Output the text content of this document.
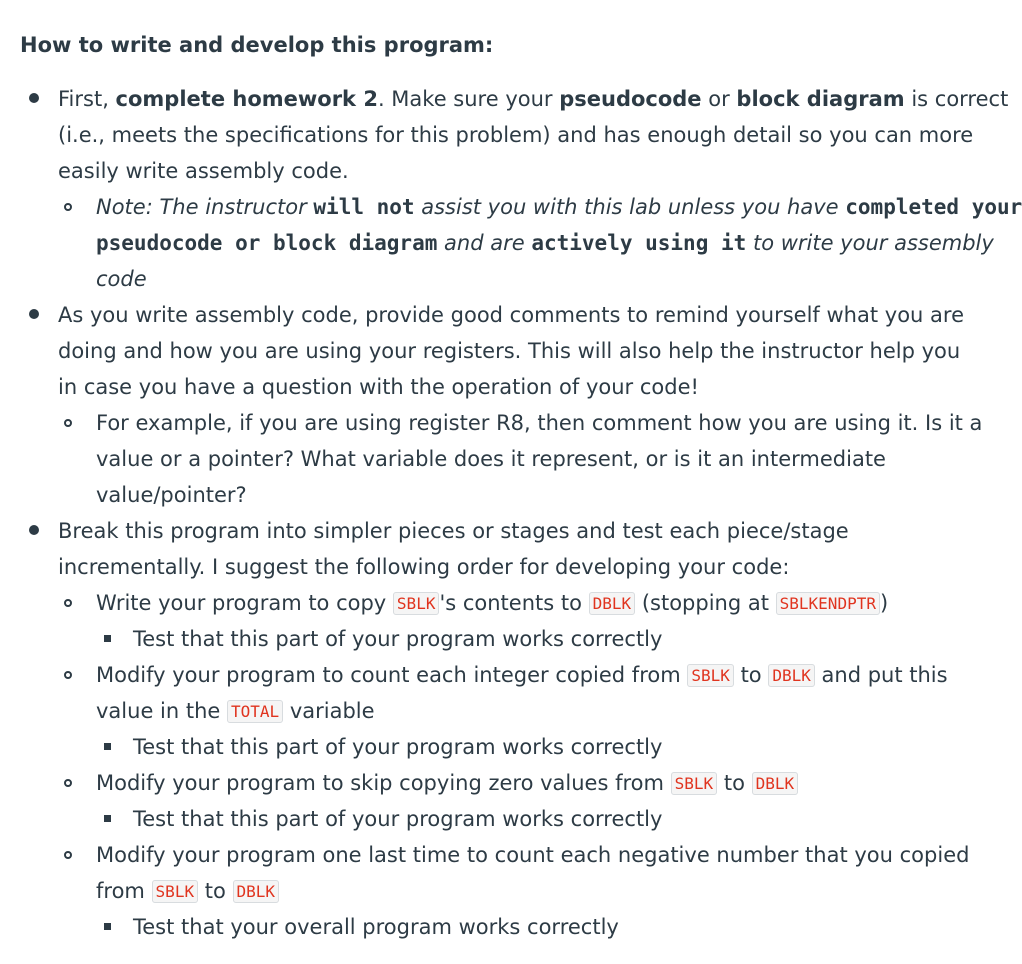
How to write and develop this program:
First, complete homework 2. Make sure your pseudocode or block diagram is correct
(i.e., meets the specifications for this problem) and has enough detail so you can more
easily write assembly code.
Note: The instructor will not assist you with this lab unless you have completed your
pseudocode or block diagram and are actively using it to write your assembly
code
As you write assembly code, provide good comments to remind yourself what you are
doing and how you are using your registers. This will also help the instructor help you
in case you have a question with the operation of your code!
For example, if you are using register R8, then comment how you are using it. Is it a
value or a pointer? What variable does it represent, or is it an intermediate
value/pointer?
Break this program into simpler pieces or stages and test each piece/stage
incrementally. I suggest the following order for developing your code:
Write your program to copy SBLK 's contents to DBLK (stopping at SBLKENDPTR )
Test that this part of your program works correctly
Modify your program to count each integer copied from SBLK to DBLK and put this
value in the TOTAL variable
Test that this part of your program works correctly
Modify your program to skip copying zero values from SBLK to DBLK
Test that this part of your program works correctly
Modify your program one last time to count each negative number that you copied
from SBLK to DBLK
Test that your overall program works correctly
